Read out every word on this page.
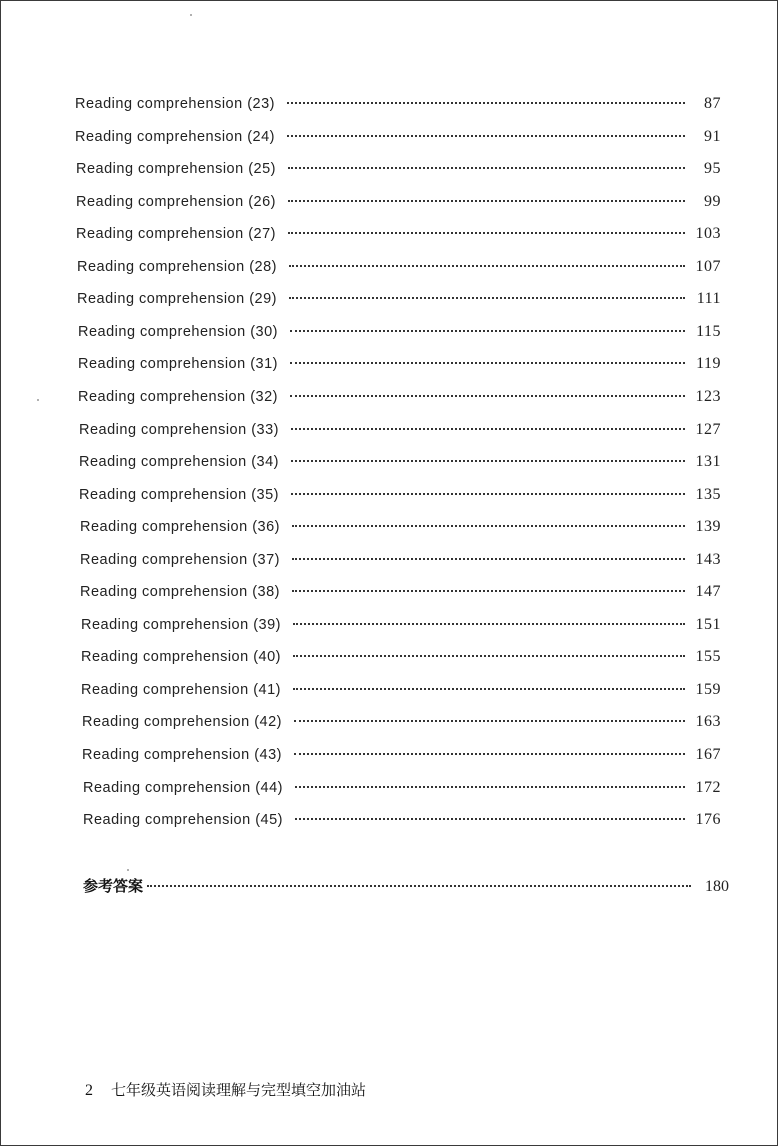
Reading comprehension (23)	87
Reading comprehension (24)	91
Reading comprehension (25)	95
Reading comprehension (26)	99
Reading comprehension (27)	103
Reading comprehension (28)	107
Reading comprehension (29)	111
Reading comprehension (30)	115
Reading comprehension (31)	119
Reading comprehension (32)	123
Reading comprehension (33)	127
Reading comprehension (34)	131
Reading comprehension (35)	135
Reading comprehension (36)	139
Reading comprehension (37)	143
Reading comprehension (38)	147
Reading comprehension (39)	151
Reading comprehension (40)	155
Reading comprehension (41)	159
Reading comprehension (42)	163
Reading comprehension (43)	167
Reading comprehension (44)	172
Reading comprehension (45)	176
参考答案	180
2 七年级英语阅读理解与完型填空加油站
